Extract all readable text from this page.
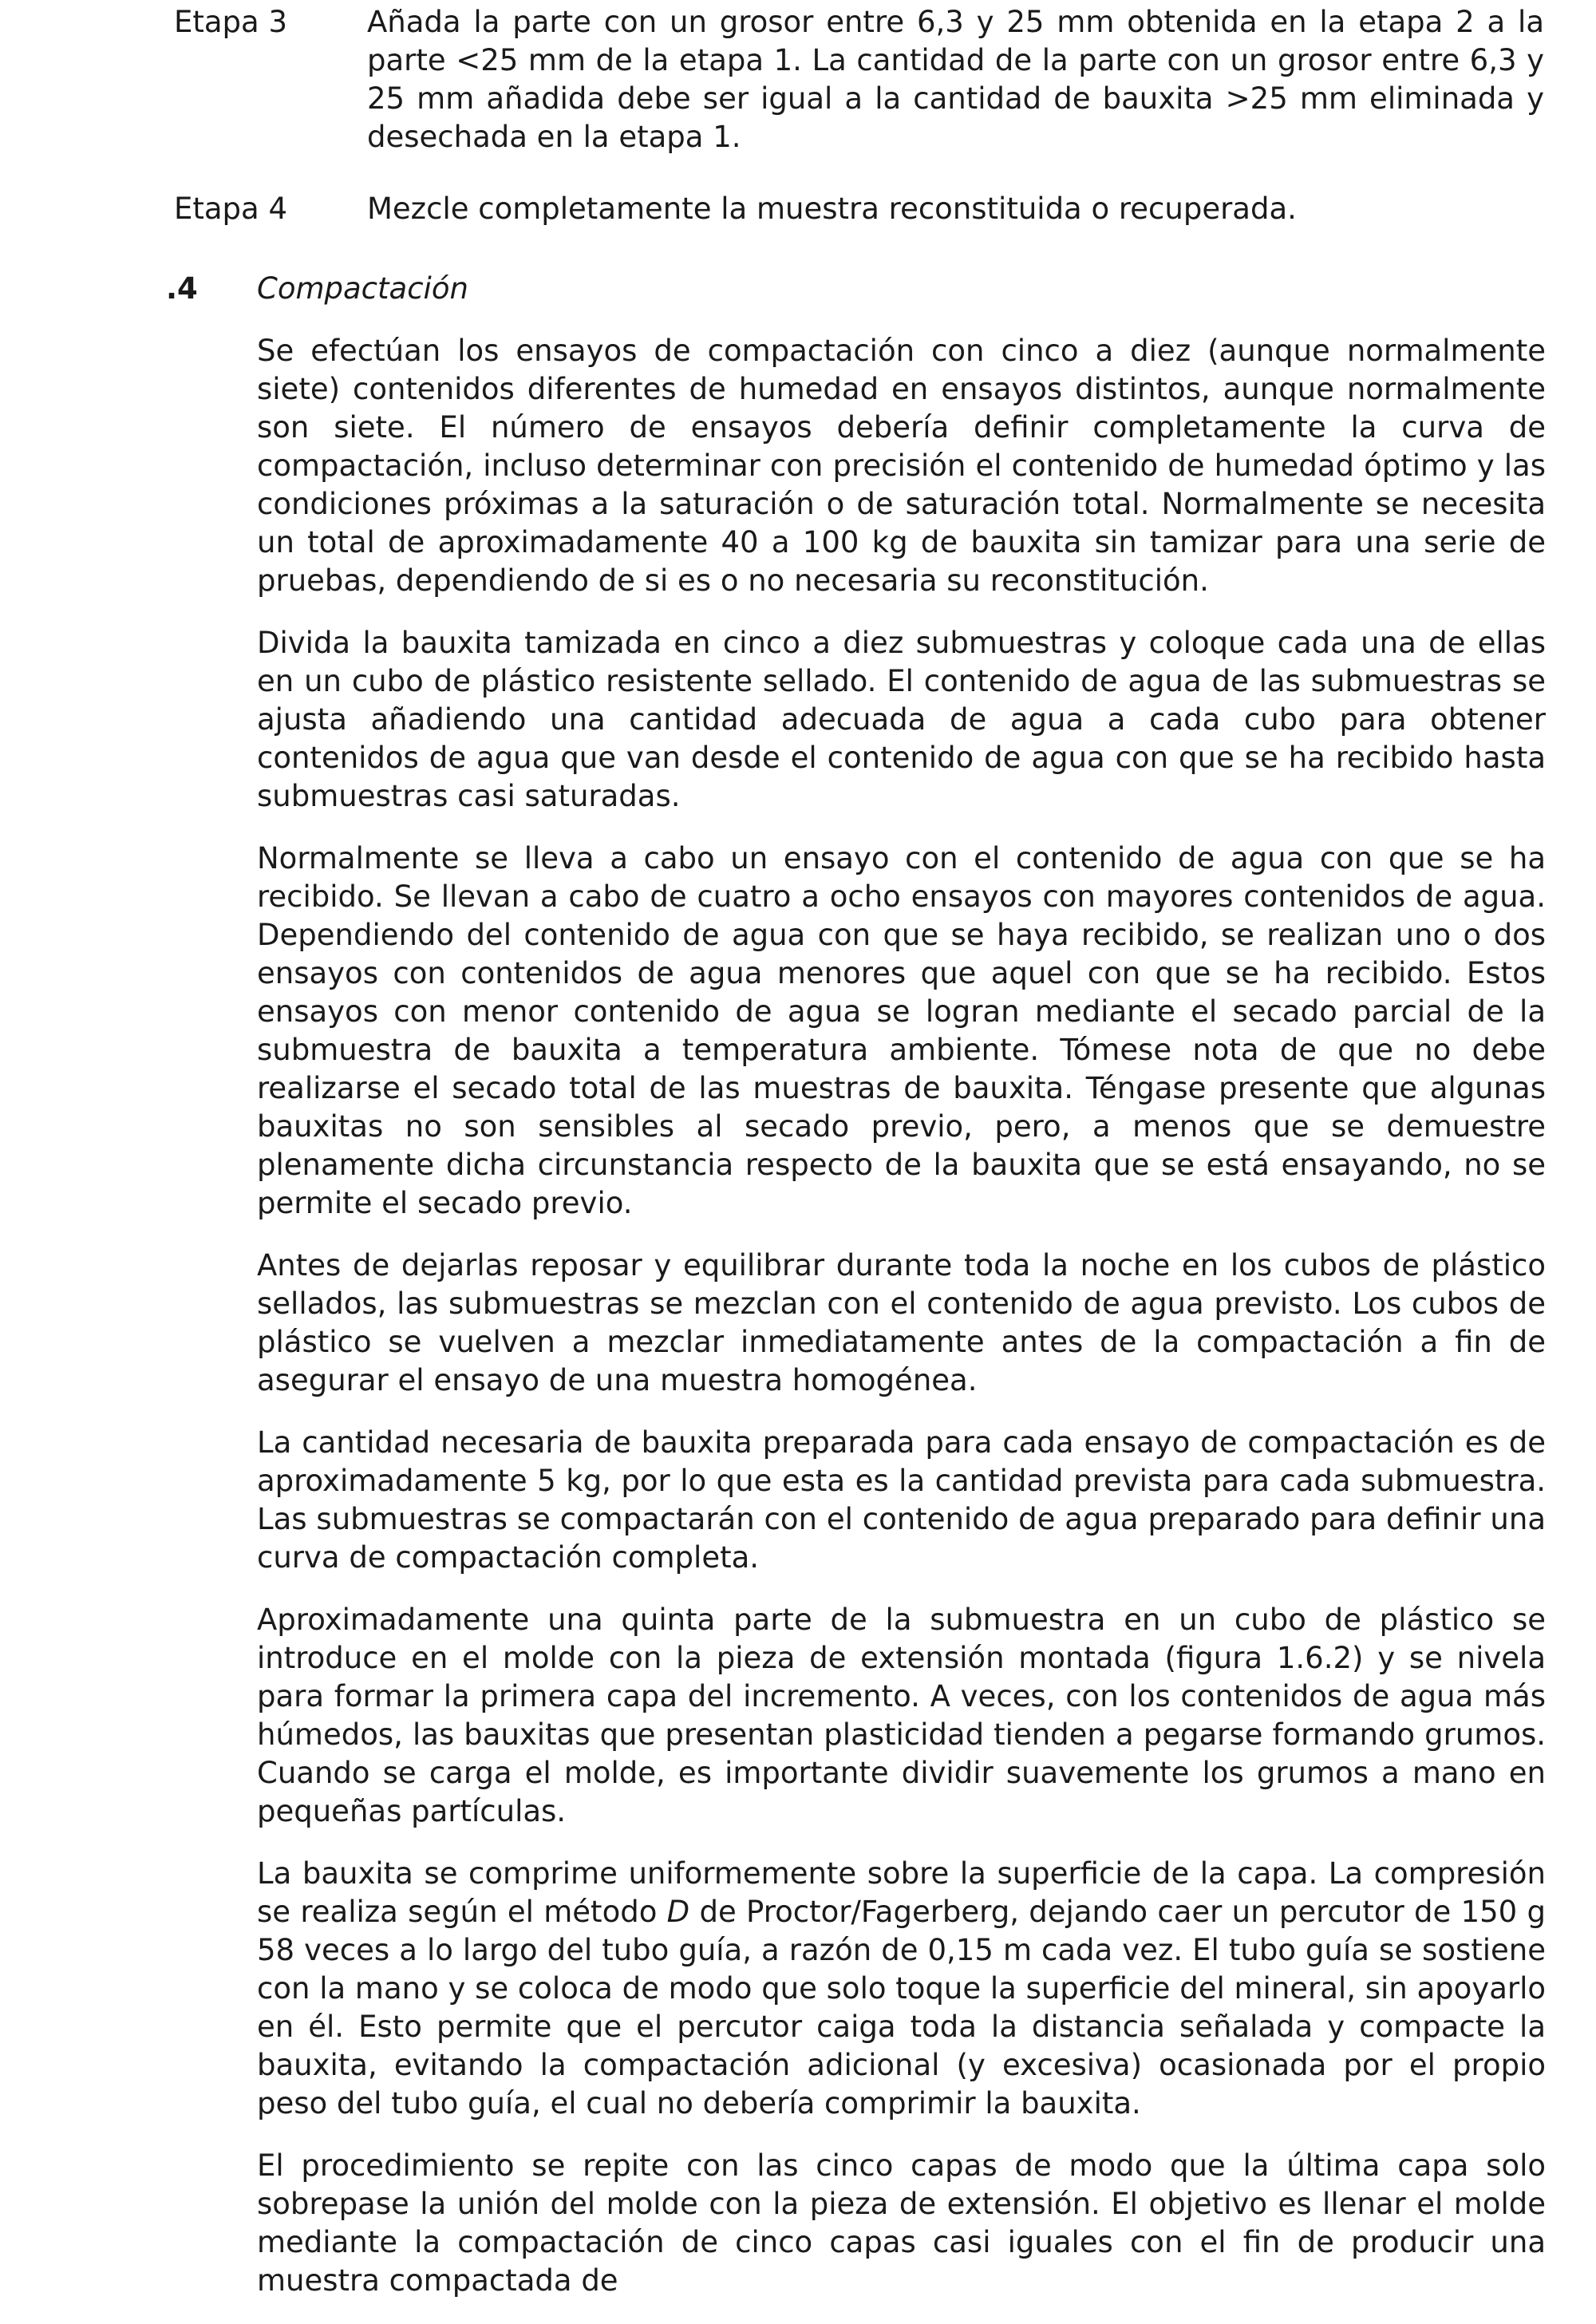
Etapa 3	Añada la parte con un grosor entre 6,3 y 25 mm obtenida en la etapa 2 a la parte <25 mm de la etapa 1. La cantidad de la parte con un grosor entre 6,3 y 25 mm añadida debe ser igual a la cantidad de bauxita >25 mm eliminada y desechada en la etapa 1.
Etapa 4	Mezcle completamente la muestra reconstituida o recuperada.
.4 Compactación

Se efectúan los ensayos de compactación con cinco a diez (aunque normalmente siete) contenidos diferentes de humedad en ensayos distintos, aunque normalmente son siete. El número de ensayos debería definir completamente la curva de compactación, incluso determinar con precisión el contenido de humedad óptimo y las condiciones próximas a la saturación o de saturación total. Normalmente se necesita un total de aproximadamente 40 a 100 kg de bauxita sin tamizar para una serie de pruebas, dependiendo de si es o no necesaria su reconstitución.

Divida la bauxita tamizada en cinco a diez submuestras y coloque cada una de ellas en un cubo de plástico resistente sellado. El contenido de agua de las submuestras se ajusta añadiendo una cantidad adecuada de agua a cada cubo para obtener contenidos de agua que van desde el contenido de agua con que se ha recibido hasta submuestras casi saturadas.

Normalmente se lleva a cabo un ensayo con el contenido de agua con que se ha recibido. Se llevan a cabo de cuatro a ocho ensayos con mayores contenidos de agua. Dependiendo del contenido de agua con que se haya recibido, se realizan uno o dos ensayos con contenidos de agua menores que aquel con que se ha recibido. Estos ensayos con menor contenido de agua se logran mediante el secado parcial de la submuestra de bauxita a temperatura ambiente. Tómese nota de que no debe realizarse el secado total de las muestras de bauxita. Téngase presente que algunas bauxitas no son sensibles al secado previo, pero, a menos que se demuestre plenamente dicha circunstancia respecto de la bauxita que se está ensayando, no se permite el secado previo.

Antes de dejarlas reposar y equilibrar durante toda la noche en los cubos de plástico sellados, las submuestras se mezclan con el contenido de agua previsto. Los cubos de plástico se vuelven a mezclar inmediatamente antes de la compactación a fin de asegurar el ensayo de una muestra homogénea.

La cantidad necesaria de bauxita preparada para cada ensayo de compactación es de aproximadamente 5 kg, por lo que esta es la cantidad prevista para cada submuestra. Las submuestras se compactarán con el contenido de agua preparado para definir una curva de compactación completa.

Aproximadamente una quinta parte de la submuestra en un cubo de plástico se introduce en el molde con la pieza de extensión montada (figura 1.6.2) y se nivela para formar la primera capa del incremento. A veces, con los contenidos de agua más húmedos, las bauxitas que presentan plasticidad tienden a pegarse formando grumos. Cuando se carga el molde, es importante dividir suavemente los grumos a mano en pequeñas partículas.

La bauxita se comprime uniformemente sobre la superficie de la capa. La compresión se realiza según el método D de Proctor/Fagerberg, dejando caer un percutor de 150 g 58 veces a lo largo del tubo guía, a razón de 0,15 m cada vez. El tubo guía se sostiene con la mano y se coloca de modo que solo toque la superficie del mineral, sin apoyarlo en él. Esto permite que el percutor caiga toda la distancia señalada y compacte la bauxita, evitando la compactación adicional (y excesiva) ocasionada por el propio peso del tubo guía, el cual no debería comprimir la bauxita.

El procedimiento se repite con las cinco capas de modo que la última capa solo sobrepase la unión del molde con la pieza de extensión. El objetivo es llenar el molde mediante la compactación de cinco capas casi iguales con el fin de producir una muestra compactada de
